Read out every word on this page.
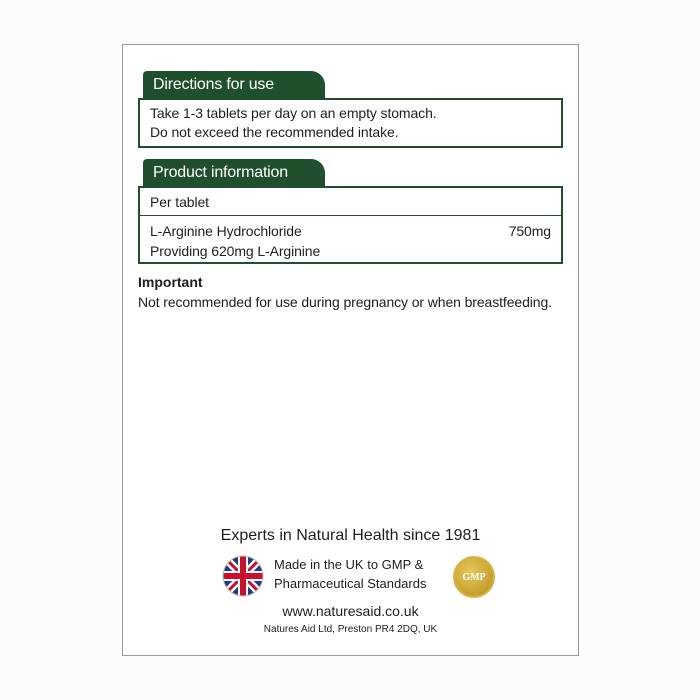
Directions for use
Take 1-3 tablets per day on an empty stomach.
Do not exceed the recommended intake.
Product information
Per tablet
L-Arginine Hydrochloride	750mg
Providing 620mg L-Arginine
Important
Not recommended for use during pregnancy or when breastfeeding.
Experts in Natural Health since 1981
Made in the UK to GMP &
Pharmaceutical Standards	GMP
www.naturesaid.co.uk
Natures Aid Ltd, Preston PR4 2DQ, UK
